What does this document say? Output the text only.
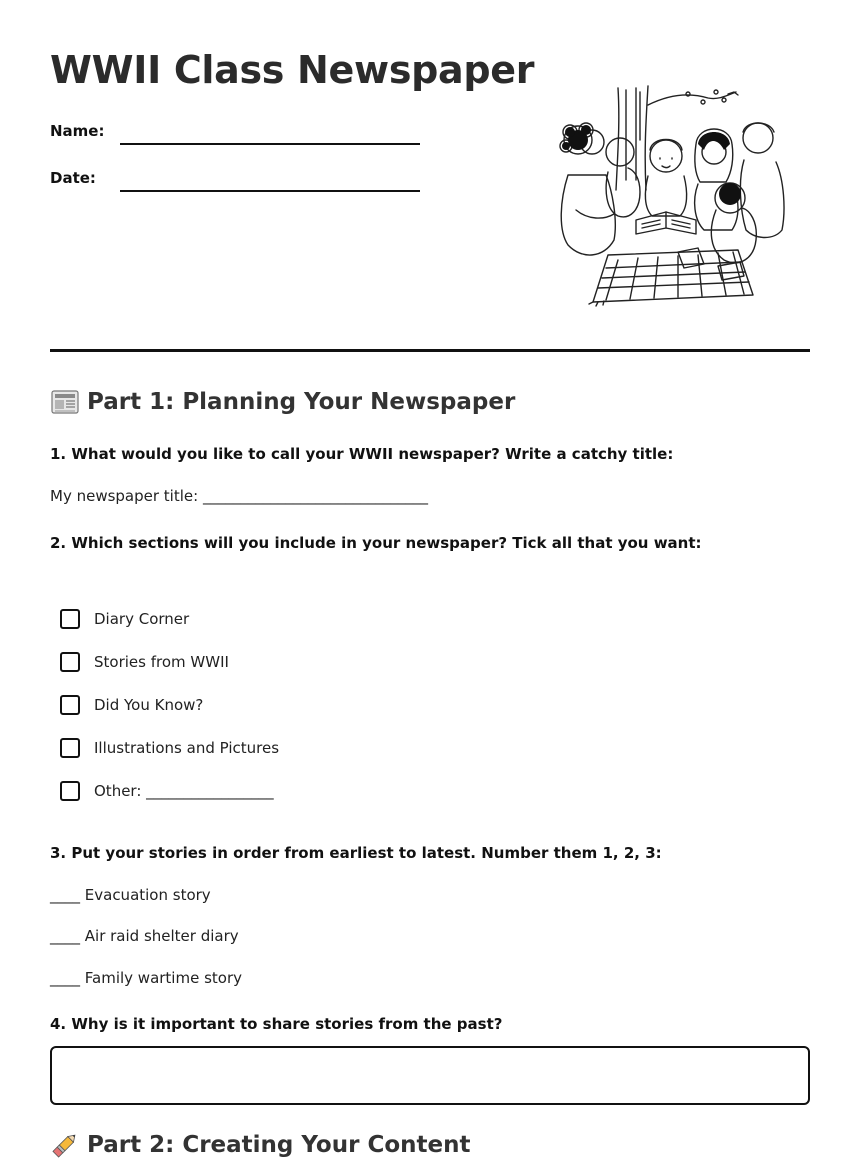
WWII Class Newspaper
Name:
Date:
Part 1: Planning Your Newspaper

1. What would you like to call your WWII newspaper? Write a catchy title:

My newspaper title: ______________________________

2. Which sections will you include in your newspaper? Tick all that you want:

Diary Corner
Stories from WWII
Did You Know?
Illustrations and Pictures
Other: _________________

3. Put your stories in order from earliest to latest. Number them 1, 2, 3:

____ Evacuation story
____ Air raid shelter diary
____ Family wartime story

4. Why is it important to share stories from the past?

Part 2: Creating Your Content
